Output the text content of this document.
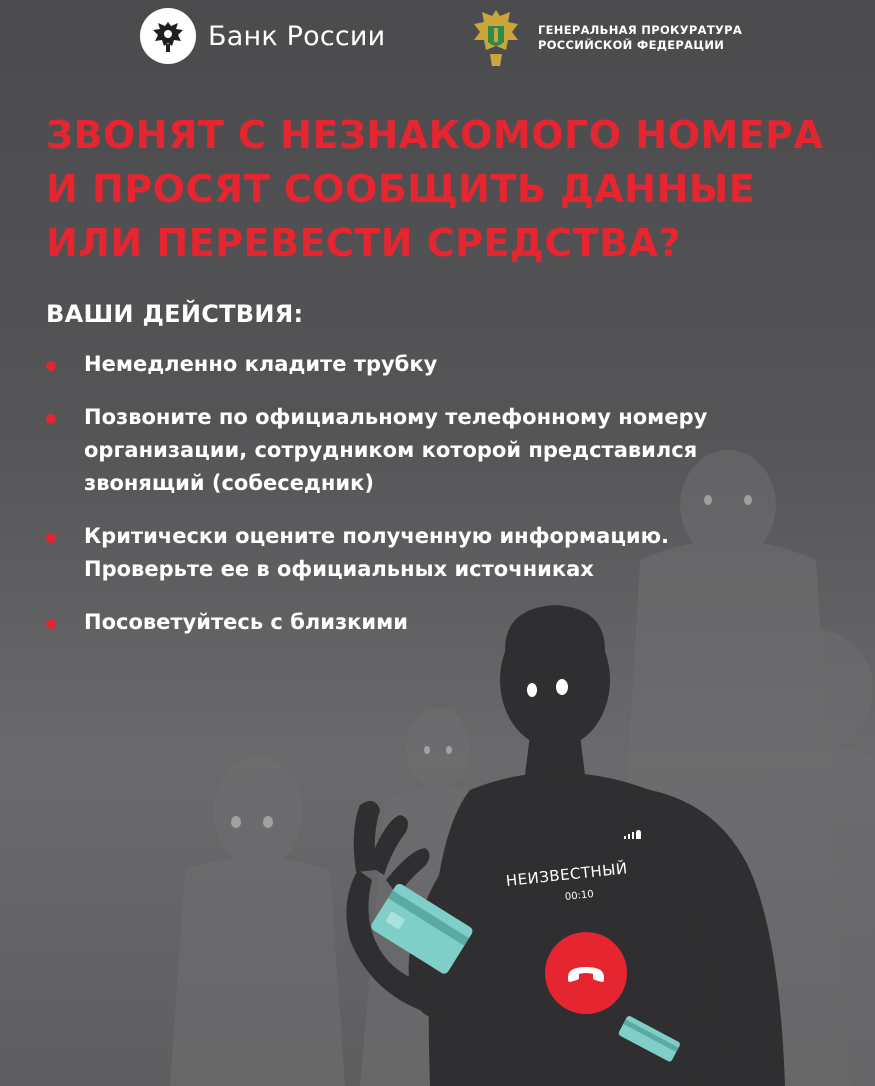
Банк России	ГЕНЕРАЛЬНАЯ ПРОКУРАТУРА
РОССИЙСКОЙ ФЕДЕРАЦИИ
ЗВОНЯТ С НЕЗНАКОМОГО НОМЕРА
И ПРОСЯТ СООБЩИТЬ ДАННЫЕ
ИЛИ ПЕРЕВЕСТИ СРЕДСТВА?
ВАШИ ДЕЙСТВИЯ:
Немедленно кладите трубку
Позвоните по официальному телефонному номеру
организации, сотрудником которой представился
звонящий (собеседник)
Критически оцените полученную информацию.
Проверьте ее в официальных источниках
Посоветуйтесь с близкими
НЕИЗВЕСТНЫЙ
00:10
